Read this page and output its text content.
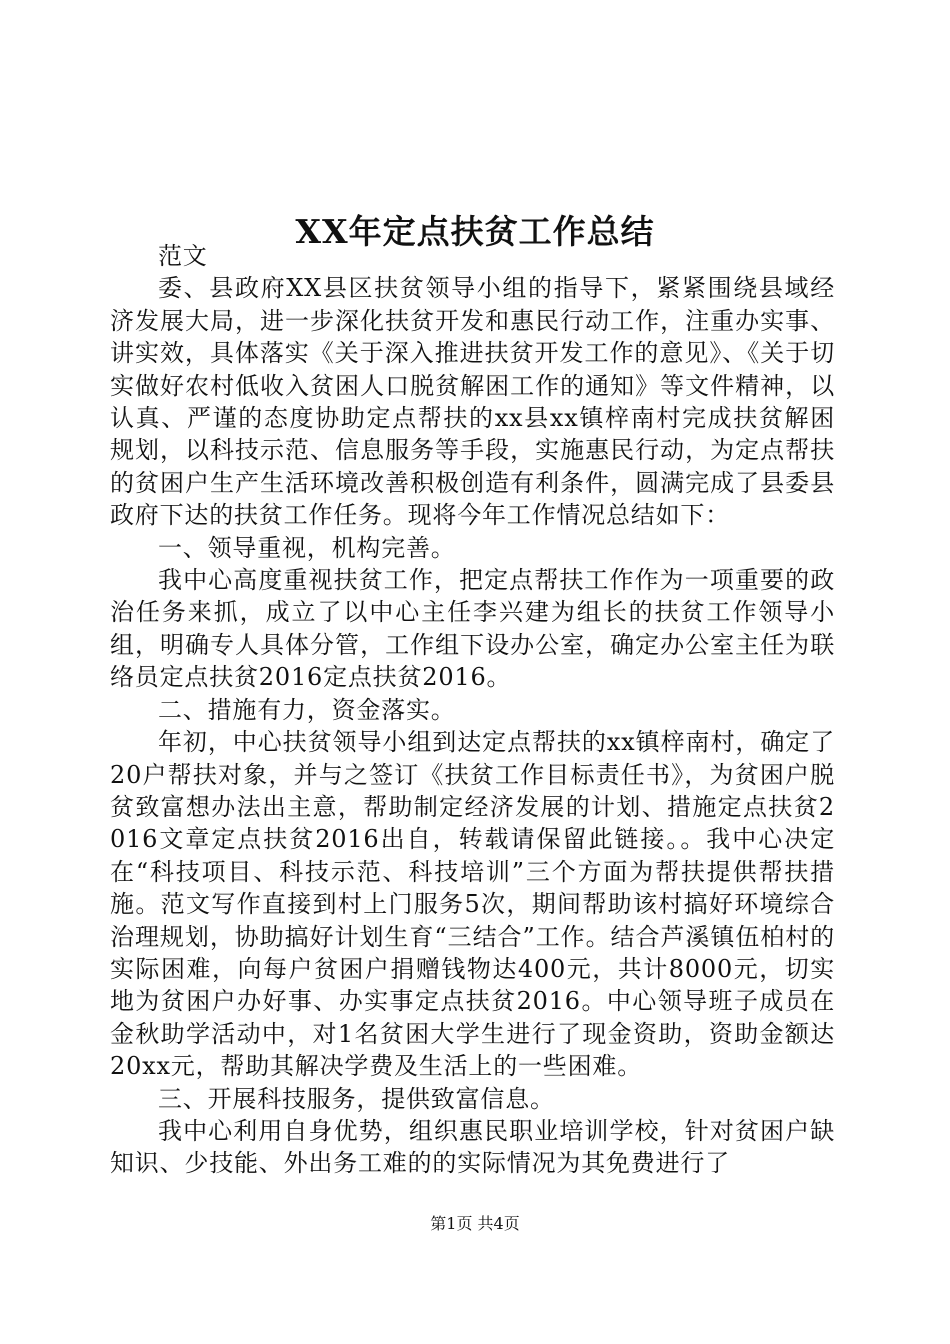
XX年定点扶贫工作总结

范文

委、县政府XX县区扶贫领导小组的指导下，紧紧围绕县域经济发展大局，进一步深化扶贫开发和惠民行动工作，注重办实事、讲实效，具体落实《关于深入推进扶贫开发工作的意见》、《关于切实做好农村低收入贫困人口脱贫解困工作的通知》等文件精神，以认真、严谨的态度协助定点帮扶的xx县xx镇梓南村完成扶贫解困规划，以科技示范、信息服务等手段，实施惠民行动，为定点帮扶的贫困户生产生活环境改善积极创造有利条件，圆满完成了县委县政府下达的扶贫工作任务。现将今年工作情况总结如下：

一、领导重视，机构完善。

我中心高度重视扶贫工作，把定点帮扶工作作为一项重要的政治任务来抓，成立了以中心主任李兴建为组长的扶贫工作领导小组，明确专人具体分管，工作组下设办公室，确定办公室主任为联络员定点扶贫2016定点扶贫2016。

二、措施有力，资金落实。

年初，中心扶贫领导小组到达定点帮扶的xx镇梓南村，确定了20户帮扶对象，并与之签订《扶贫工作目标责任书》，为贫困户脱贫致富想办法出主意，帮助制定经济发展的计划、措施定点扶贫2016文章定点扶贫2016出自，转载请保留此链接。。我中心决定在“科技项目、科技示范、科技培训”三个方面为帮扶提供帮扶措施。范文写作直接到村上门服务5次，期间帮助该村搞好环境综合治理规划，协助搞好计划生育“三结合”工作。结合芦溪镇伍柏村的实际困难，向每户贫困户捐赠钱物达400元，共计8000元，切实地为贫困户办好事、办实事定点扶贫2016。中心领导班子成员在金秋助学活动中，对1名贫困大学生进行了现金资助，资助金额达20xx元，帮助其解决学费及生活上的一些困难。

三、开展科技服务，提供致富信息。

我中心利用自身优势，组织惠民职业培训学校，针对贫困户缺知识、少技能、外出务工难的的实际情况为其免费进行了

第1页 共4页
